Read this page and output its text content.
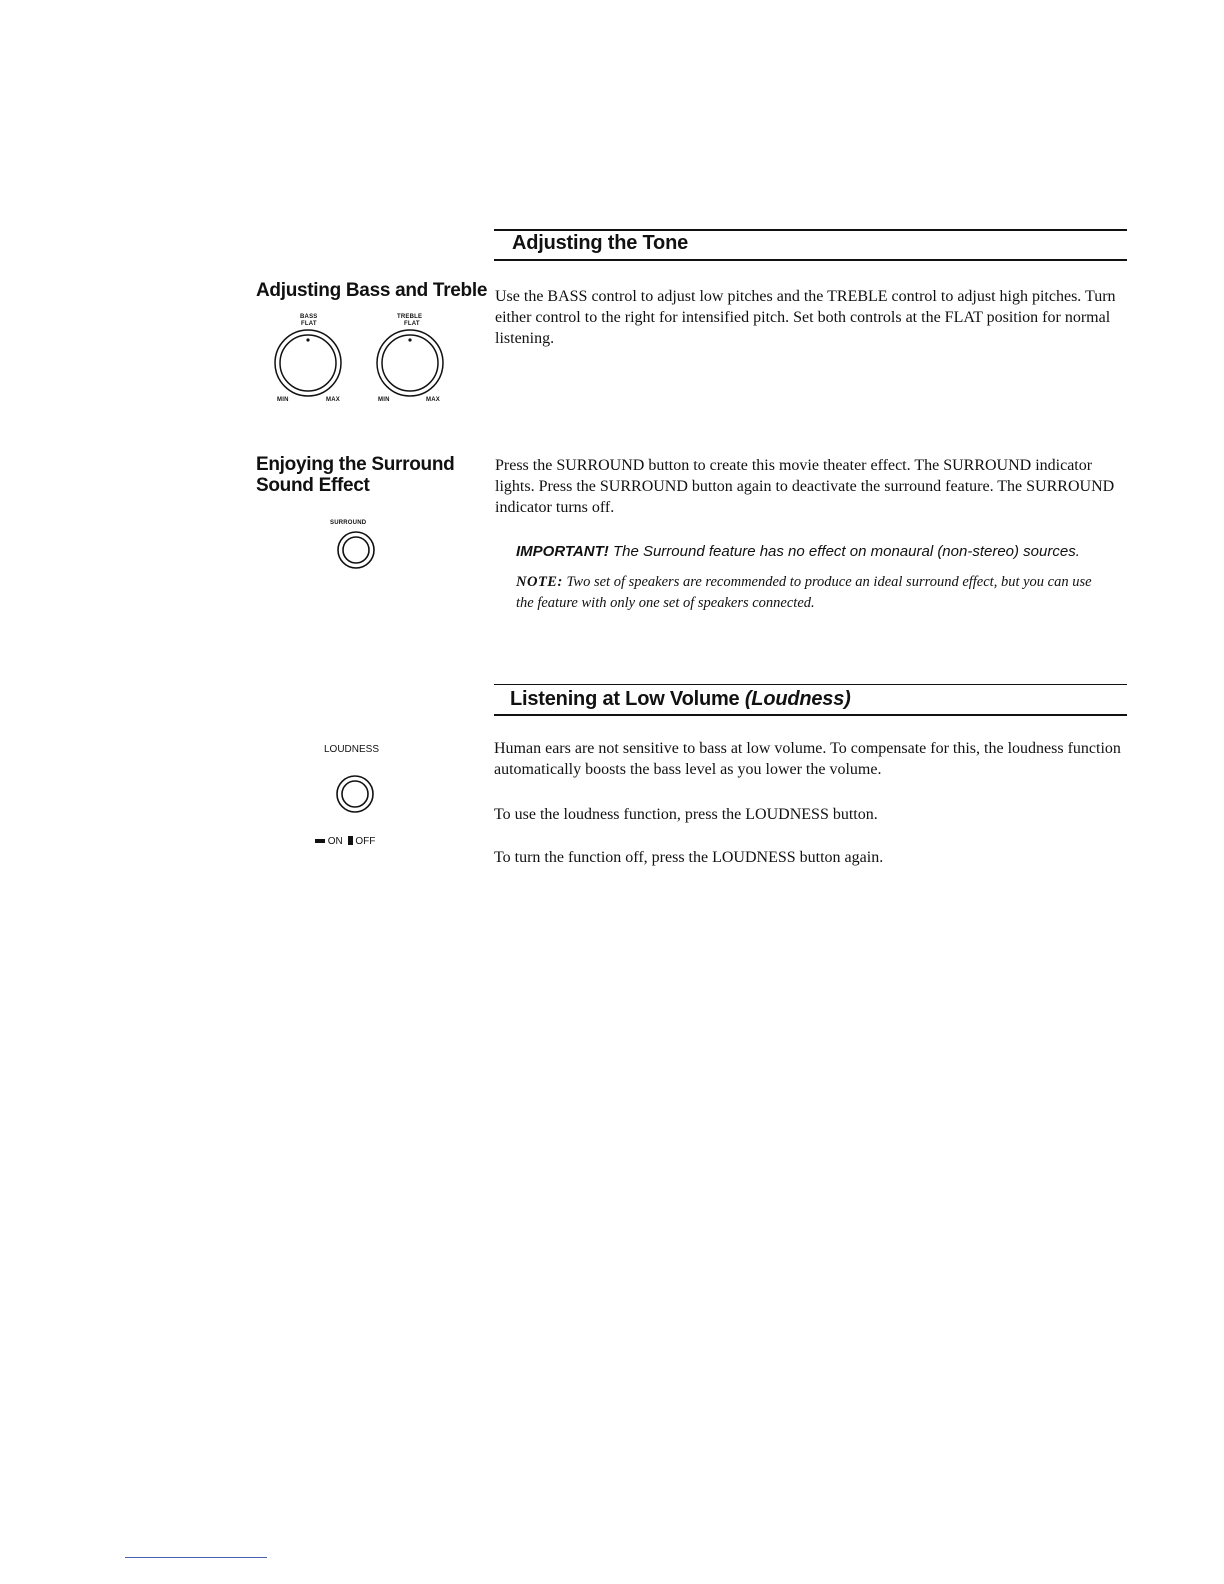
Adjusting the Tone
Adjusting Bass and Treble Use the BASS control to adjust low pitches and the TREBLE control to adjust high pitches. Turn either control to the right for intensified pitch. Set both controls at the FLAT position for normal listening.
BASS
FLAT
MIN	MAX
TREBLE
FLAT
MIN	MAX
Enjoying the Surround
Sound Effect
SURROUND
Press the SURROUND button to create this movie theater effect. The SURROUND indicator lights. Press the SURROUND button again to deactivate the surround feature. The SURROUND indicator turns off.
IMPORTANT! The Surround feature has no effect on monaural (non-stereo) sources.
NOTE: Two set of speakers are recommended to produce an ideal surround effect, but you can use the feature with only one set of speakers connected.
Listening at Low Volume (Loudness)
LOUDNESS
ON OFF
Human ears are not sensitive to bass at low volume. To compensate for this, the loudness function automatically boosts the bass level as you lower the volume.
To use the loudness function, press the LOUDNESS button.
To turn the function off, press the LOUDNESS button again.
